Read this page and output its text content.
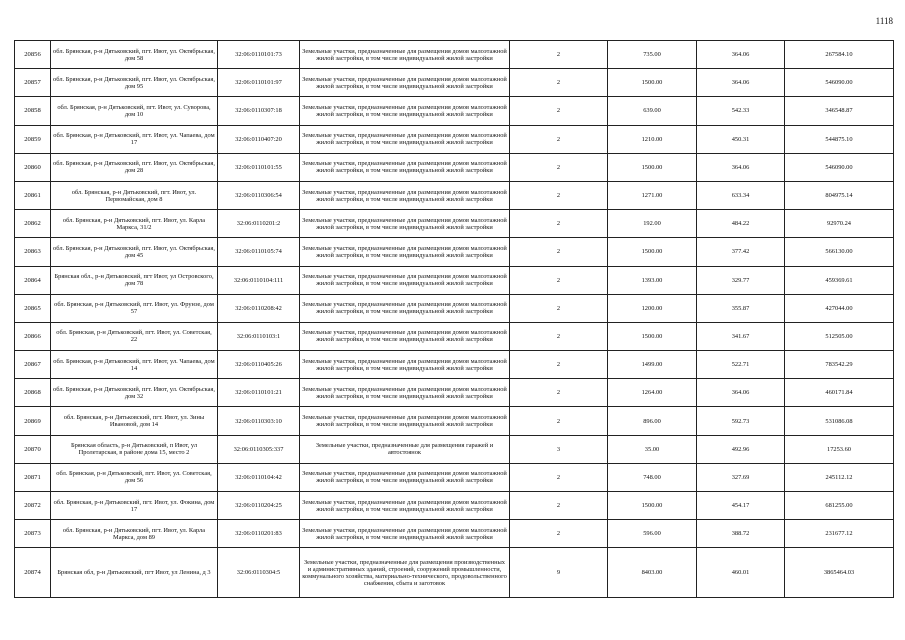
1118
20856	обл. Брянская, р-н Дятьковский, пгт. Ивот, ул. Октябрьская, дом 58	32:06:0110101:73	Земельные участки, предназначенные для размещения домов малоэтажной жилой застройки, в том числе индивидуальной жилой застройки	2	735.00	364.06	267584.10
20857	обл. Брянская, р-н Дятьковский, пгт. Ивот, ул. Октябрьская, дом 95	32:06:0110101:97	Земельные участки, предназначенные для размещения домов малоэтажной жилой застройки, в том числе индивидуальной жилой застройки	2	1500.00	364.06	546090.00
20858	обл. Брянская, р-н Дятьковский, пгт. Ивот, ул. Суворова, дом 10	32:06:0110307:18	Земельные участки, предназначенные для размещения домов малоэтажной жилой застройки, в том числе индивидуальной жилой застройки	2	639.00	542.33	346548.87
20859	обл. Брянская, р-н Дятьковский, пгт. Ивот, ул. Чапаева, дом 17	32:06:0110407:20	Земельные участки, предназначенные для размещения домов малоэтажной жилой застройки, в том числе индивидуальной жилой застройки	2	1210.00	450.31	544875.10
20860	обл. Брянская, р-н Дятьковский, пгт. Ивот, ул. Октябрьская, дом 28	32:06:0110101:55	Земельные участки, предназначенные для размещения домов малоэтажной жилой застройки, в том числе индивидуальной жилой застройки	2	1500.00	364.06	546090.00
20861	обл. Брянская, р-н Дятьковский, пгт. Ивот, ул. Первомайская, дом 8	32:06:0110306:54	Земельные участки, предназначенные для размещения домов малоэтажной жилой застройки, в том числе индивидуальной жилой застройки	2	1271.00	633.34	804975.14
20862	обл. Брянская, р-н Дятьковский, пгт. Ивот, ул. Карла Маркса, 31/2	32:06:0110201:2	Земельные участки, предназначенные для размещения домов малоэтажной жилой застройки, в том числе индивидуальной жилой застройки	2	192.00	484.22	92970.24
20863	обл. Брянская, р-н Дятьковский, пгт. Ивот, ул. Октябрьская, дом 45	32:06:0110105:74	Земельные участки, предназначенные для размещения домов малоэтажной жилой застройки, в том числе индивидуальной жилой застройки	2	1500.00	377.42	566130.00
20864	Брянская обл., р-н Дятьковский, пгт Ивот, ул Островского, дом 78	32:06:0110104:111	Земельные участки, предназначенные для размещения домов малоэтажной жилой застройки, в том числе индивидуальной жилой застройки	2	1393.00	329.77	459369.61
20865	обл. Брянская, р-н Дятьковский, пгт. Ивот, ул. Фрунзе, дом 57	32:06:0110208:42	Земельные участки, предназначенные для размещения домов малоэтажной жилой застройки, в том числе индивидуальной жилой застройки	2	1200.00	355.87	427044.00
20866	обл. Брянская, р-н Дятьковский, пгт. Ивот, ул. Советская, 22	32:06:0110103:1	Земельные участки, предназначенные для размещения домов малоэтажной жилой застройки, в том числе индивидуальной жилой застройки	2	1500.00	341.67	512505.00
20867	обл. Брянская, р-н Дятьковский, пгт. Ивот, ул. Чапаева, дом 14	32:06:0110405:26	Земельные участки, предназначенные для размещения домов малоэтажной жилой застройки, в том числе индивидуальной жилой застройки	2	1499.00	522.71	783542.29
20868	обл. Брянская, р-н Дятьковский, пгт. Ивот, ул. Октябрьская, дом 32	32:06:0110101:21	Земельные участки, предназначенные для размещения домов малоэтажной жилой застройки, в том числе индивидуальной жилой застройки	2	1264.00	364.06	460171.84
20869	обл. Брянская, р-н Дятьковский, пгт. Ивот, ул. Зины Ивановой, дом 14	32:06:0110303:10	Земельные участки, предназначенные для размещения домов малоэтажной жилой застройки, в том числе индивидуальной жилой застройки	2	896.00	592.73	531086.08
20870	Брянская область, р-н Дятьковский, п Ивот, ул Пролетарская, в районе дома 15, место 2	32:06:0110305:337	Земельные участки, предназначенные для размещения гаражей и автостоянок	3	35.00	492.96	17253.60
20871	обл. Брянская, р-н Дятьковский, пгт. Ивот, ул. Советская, дом 56	32:06:0110104:42	Земельные участки, предназначенные для размещения домов малоэтажной жилой застройки, в том числе индивидуальной жилой застройки	2	748.00	327.69	245112.12
20872	обл. Брянская, р-н Дятьковский, пгт. Ивот, ул. Фокина, дом 17	32:06:0110204:25	Земельные участки, предназначенные для размещения домов малоэтажной жилой застройки, в том числе индивидуальной жилой застройки	2	1500.00	454.17	681255.00
20873	обл. Брянская, р-н Дятьковский, пгт. Ивот, ул. Карла Маркса, дом 89	32:06:0110201:83	Земельные участки, предназначенные для размещения домов малоэтажной жилой застройки, в том числе индивидуальной жилой застройки	2	596.00	388.72	231677.12
20874	Брянская обл, р-н Дятьковский, пгт Ивот, ул Ленина, д 3	32:06:0110304:5	Земельные участки, предназначенные для размещения производственных и административных зданий, строений, сооружений промышленности, коммунального хозяйства, материально-технического, продовольственного снабжения, сбыта и заготовок	9	8403.00	460.01	3865464.03
